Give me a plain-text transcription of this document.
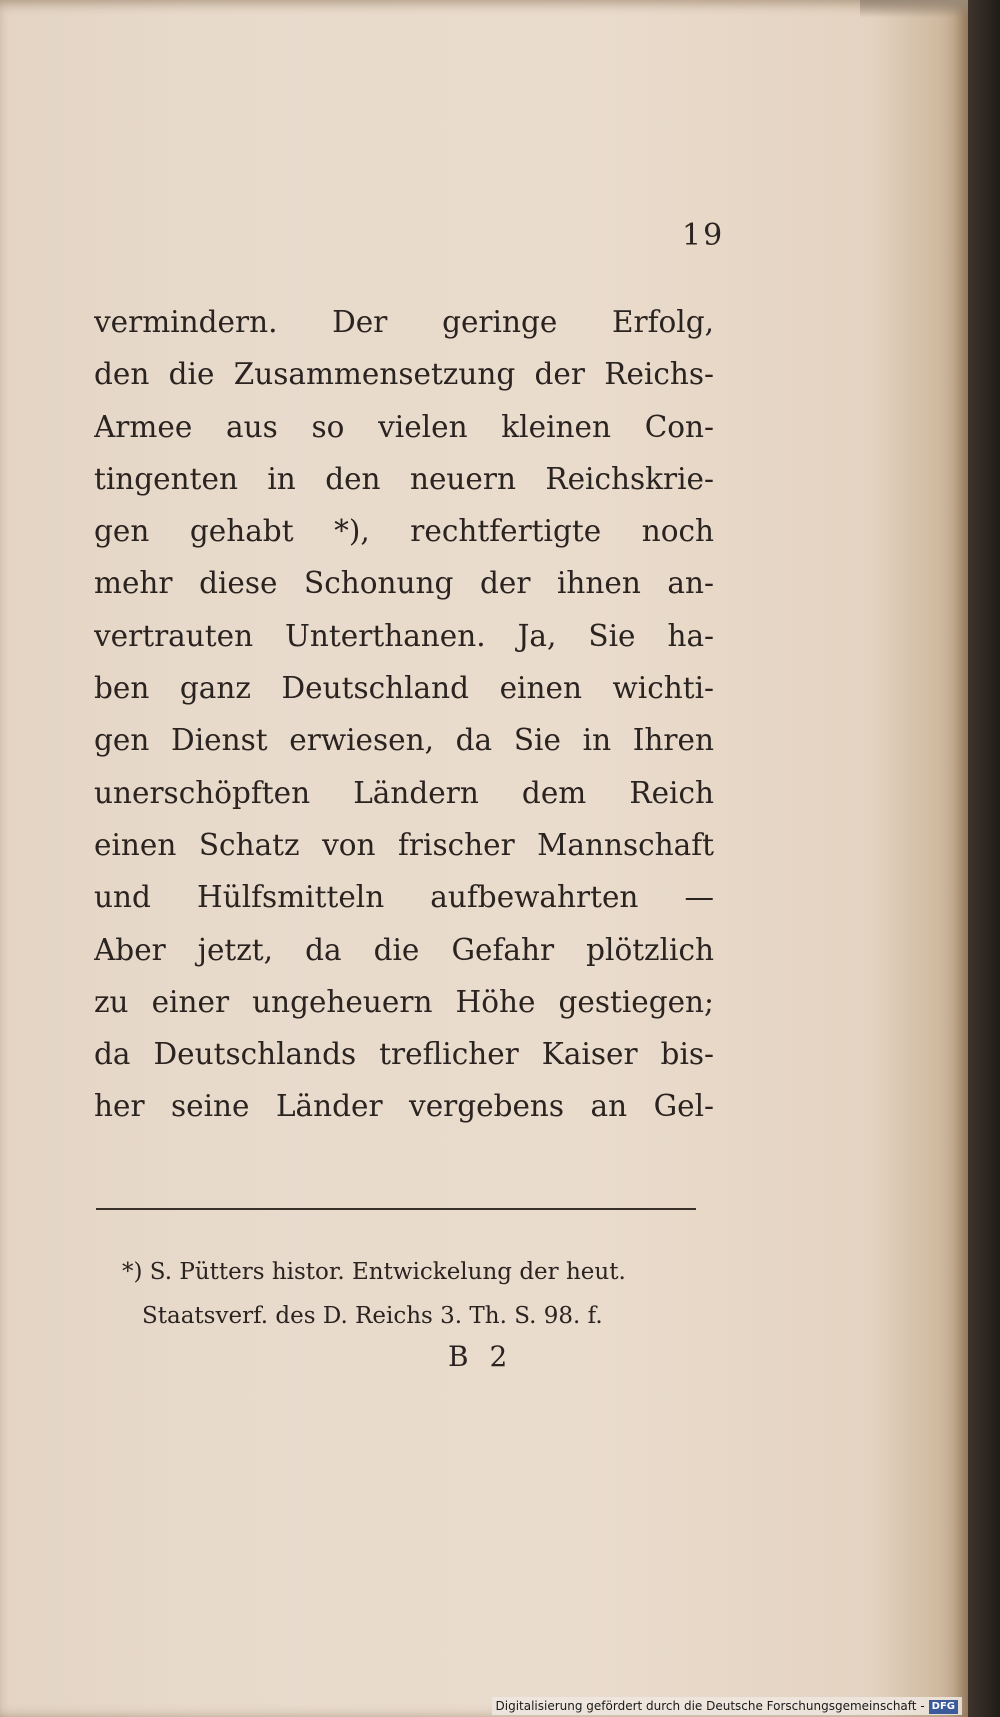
19
vermindern. Der geringe Erfolg,
den die Zusammensetzung der Reichs-
Armee aus so vielen kleinen Con-
tingenten in den neuern Reichskrie-
gen gehabt *), rechtfertigte noch
mehr diese Schonung der ihnen an-
vertrauten Unterthanen. Ja, Sie ha-
ben ganz Deutschland einen wichti-
gen Dienst erwiesen, da Sie in Ihren
unerschöpften Ländern dem Reich
einen Schatz von frischer Mannschaft
und Hülfsmitteln aufbewahrten —
Aber jetzt, da die Gefahr plötzlich
zu einer ungeheuern Höhe gestiegen;
da Deutschlands treflicher Kaiser bis-
her seine Länder vergebens an Gel-
*) S. Pütters histor. Entwickelung der heut.
Staatsverf. des D. Reichs 3. Th. S. 98. f.
B 2
Digitalisierung gefördert durch die Deutsche Forschungsgemeinschaft - DFG
